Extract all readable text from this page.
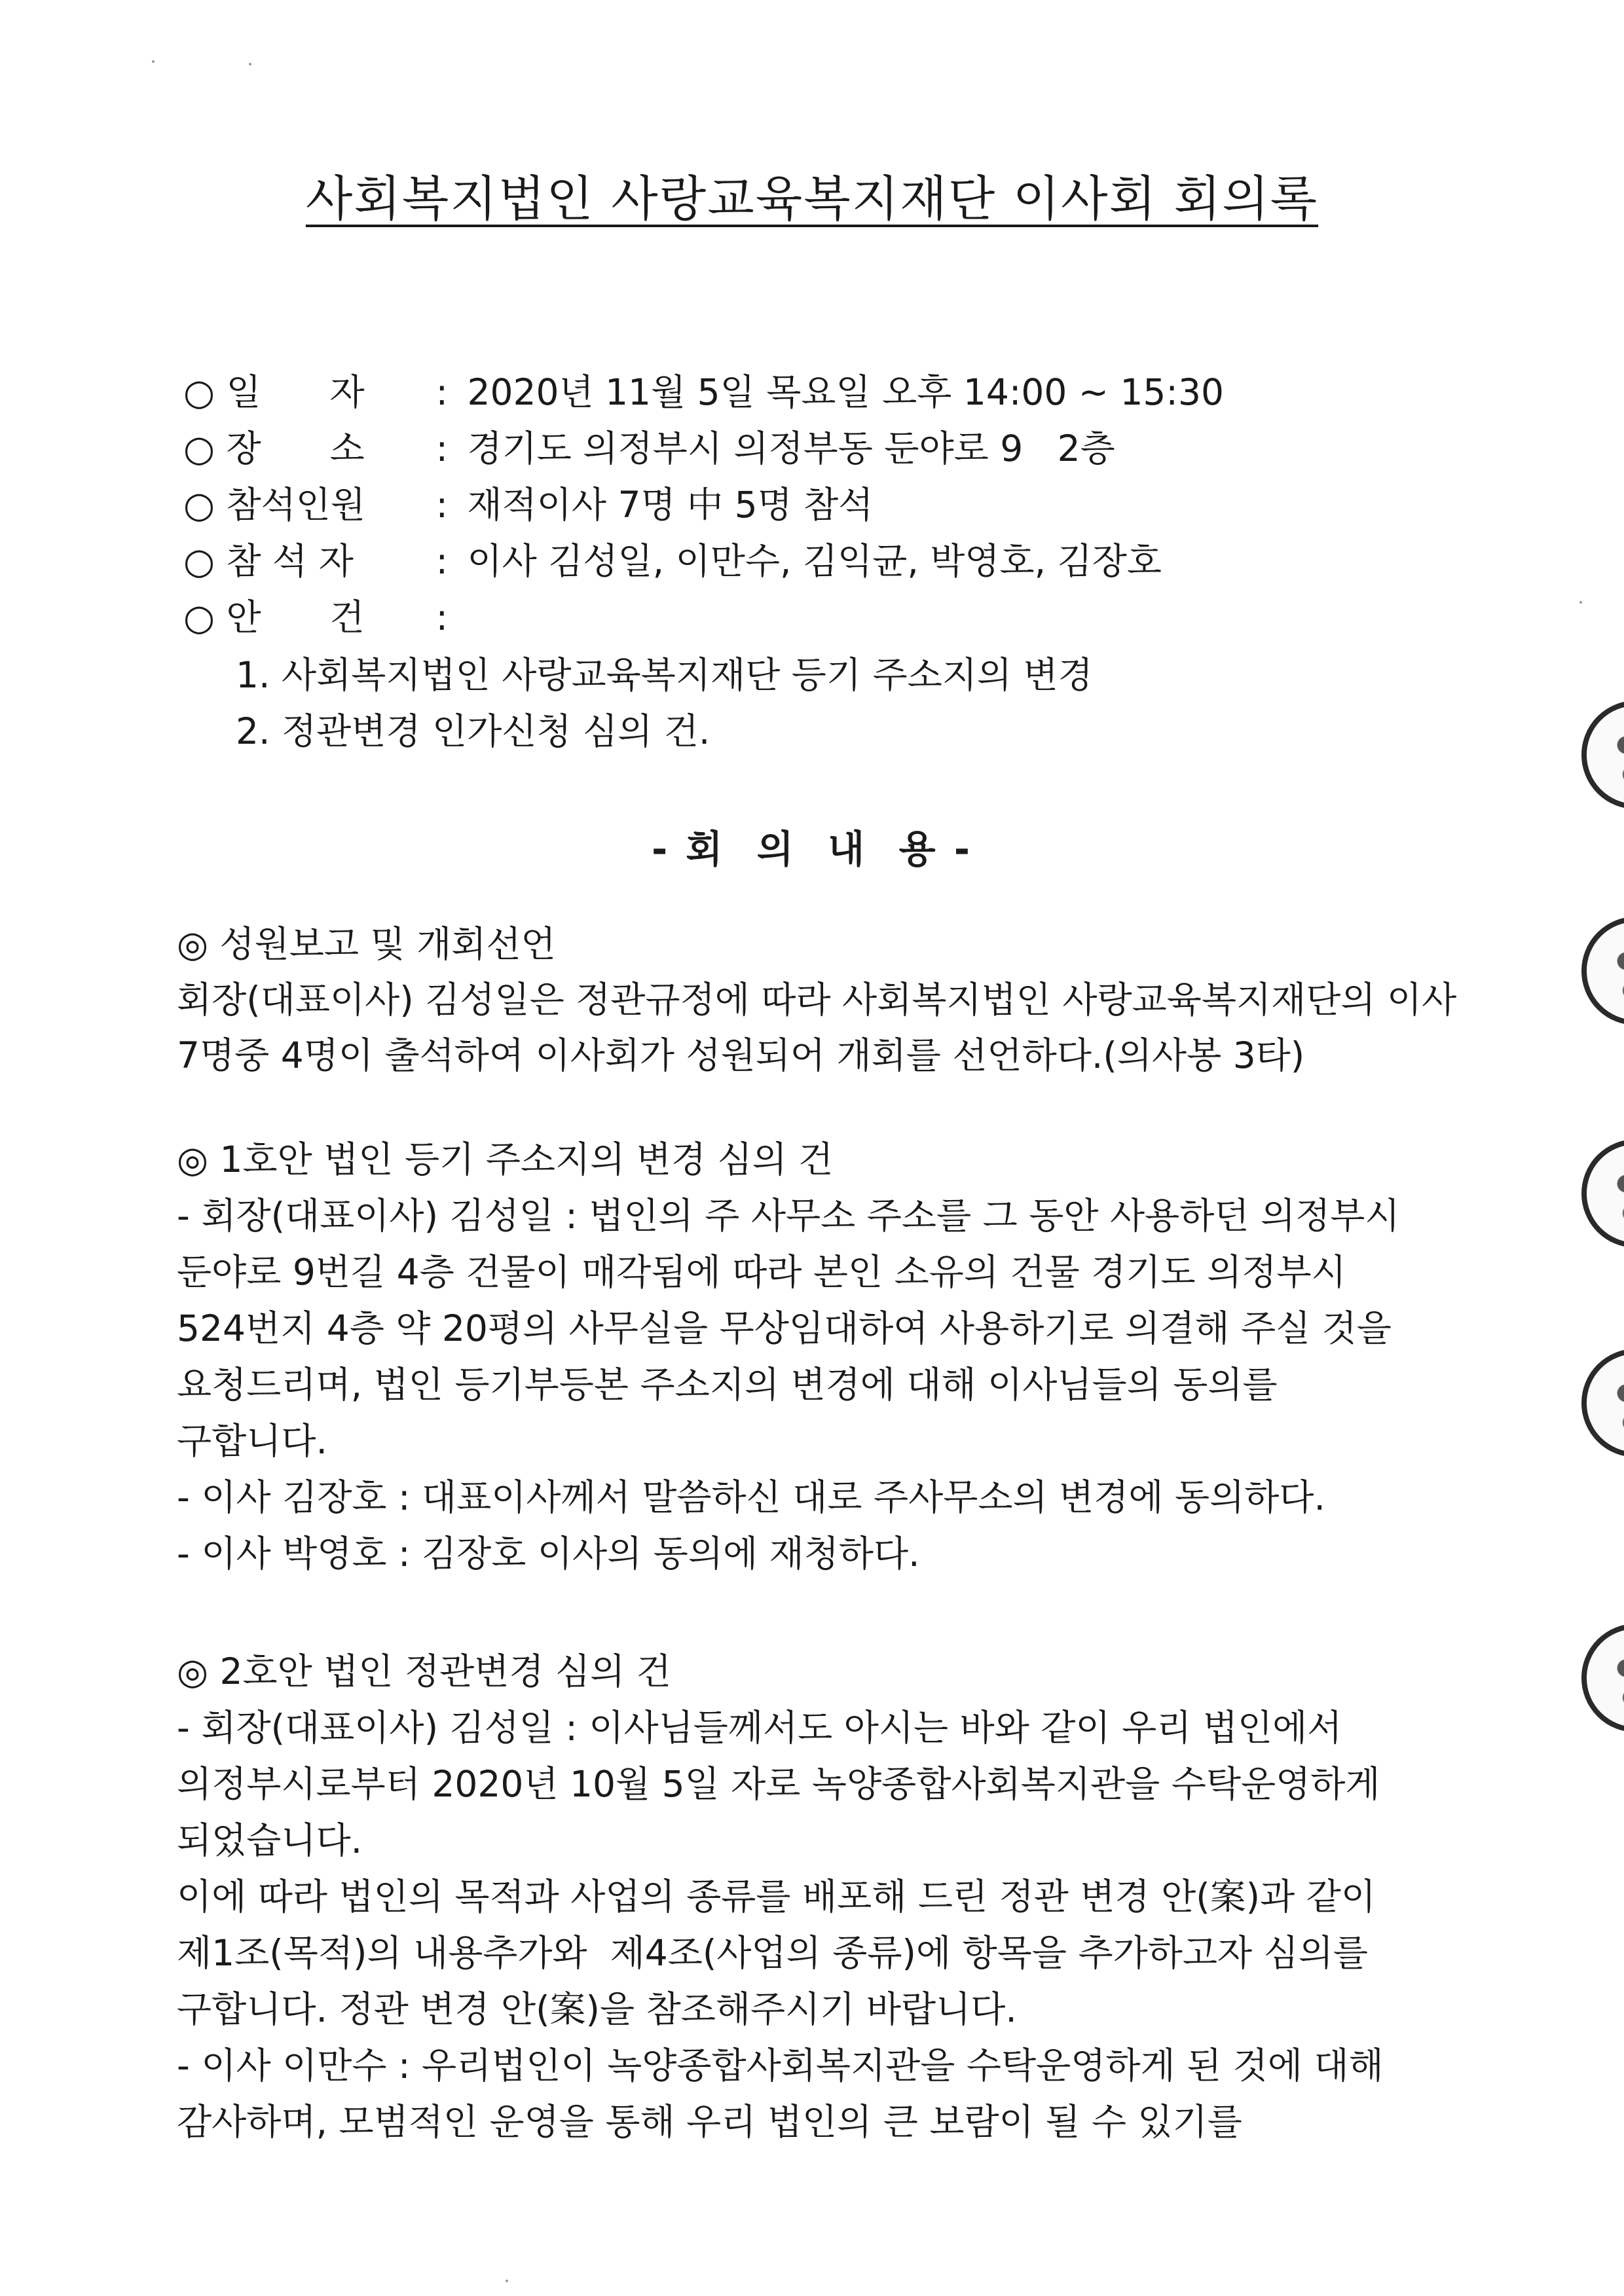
사회복지법인 사랑교육복지재단 이사회 회의록
○ 일      자 : 2020년 11월 5일 목요일 오후 14:00 ~ 15:30
○ 장      소 : 경기도 의정부시 의정부동 둔야로 9   2층
○ 참석인원 : 재적이사 7명 中 5명 참석
○ 참 석 자 : 이사 김성일, 이만수, 김익균, 박영호, 김장호
○ 안      건 :
1. 사회복지법인 사랑교육복지재단 등기 주소지의 변경
2. 정관변경 인가신청 심의 건.
- 회  의  내  용 -
◎ 성원보고 및 개회선언
회장(대표이사) 김성일은 정관규정에 따라 사회복지법인 사랑교육복지재단의 이사
7명중 4명이 출석하여 이사회가 성원되어 개회를 선언하다.(의사봉 3타)
◎ 1호안 법인 등기 주소지의 변경 심의 건
- 회장(대표이사) 김성일 : 법인의 주 사무소 주소를 그 동안 사용하던 의정부시
둔야로 9번길 4층 건물이 매각됨에 따라 본인 소유의 건물 경기도 의정부시
524번지 4층 약 20평의 사무실을 무상임대하여 사용하기로 의결해 주실 것을
요청드리며, 법인 등기부등본 주소지의 변경에 대해 이사님들의 동의를
구합니다.
- 이사 김장호 : 대표이사께서 말씀하신 대로 주사무소의 변경에 동의하다.
- 이사 박영호 : 김장호 이사의 동의에 재청하다.
◎ 2호안 법인 정관변경 심의 건
- 회장(대표이사) 김성일 : 이사님들께서도 아시는 바와 같이 우리 법인에서
의정부시로부터 2020년 10월 5일 자로 녹양종합사회복지관을 수탁운영하게
되었습니다.
이에 따라 법인의 목적과 사업의 종류를 배포해 드린 정관 변경 안(案)과 같이
제1조(목적)의 내용추가와  제4조(사업의 종류)에 항목을 추가하고자 심의를
구합니다. 정관 변경 안(案)을 참조해주시기 바랍니다.
- 이사 이만수 : 우리법인이 녹양종합사회복지관을 수탁운영하게 된 것에 대해
감사하며, 모범적인 운영을 통해 우리 법인의 큰 보람이 될 수 있기를
